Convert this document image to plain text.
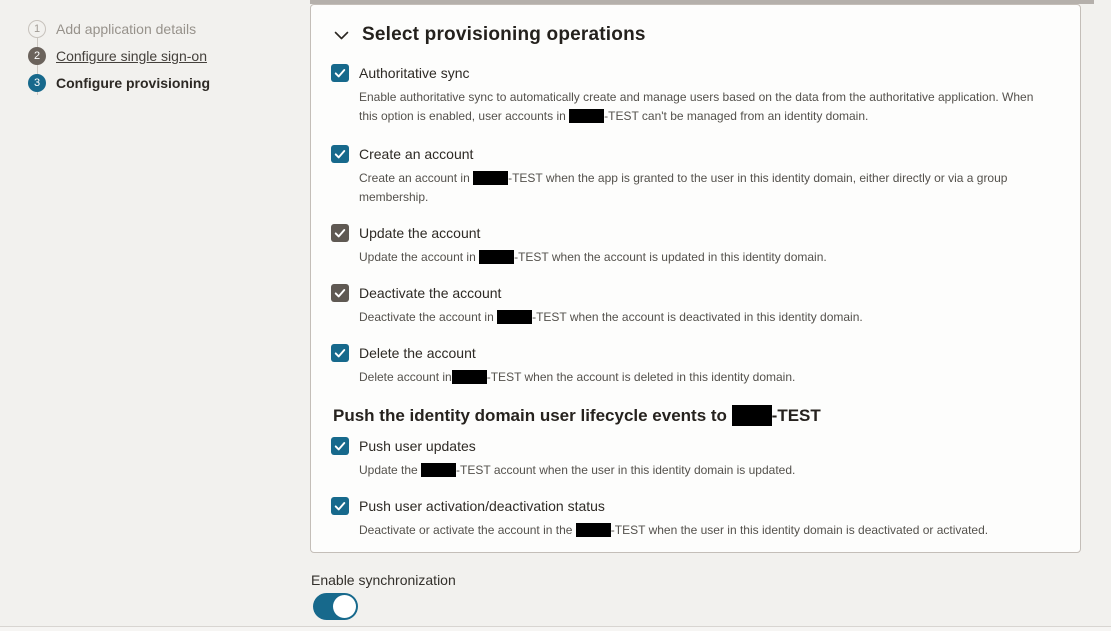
1	Add application details
2	Configure single sign-on
3	Configure provisioning
Select provisioning operations
Authoritative sync

Enable authoritative sync to automatically create and manage users based on the data from the authoritative application. When this option is enabled, user accounts in	-TEST can't be managed from an identity domain.

Create an account

Create an account in	-TEST when the app is granted to the user in this identity domain, either directly or via a group membership.

Update the account

Update the account in	-TEST when the account is updated in this identity domain.

Deactivate the account

Deactivate the account in	-TEST when the account is deactivated in this identity domain.

Delete the account

Delete account in	-TEST when the account is deleted in this identity domain.

Push the identity domain user lifecycle events to -TEST
Push user updates

Update the	-TEST account when the user in this identity domain is updated.

Push user activation/deactivation status

Deactivate or activate the account in the	-TEST when the user in this identity domain is deactivated or activated.

Enable synchronization
